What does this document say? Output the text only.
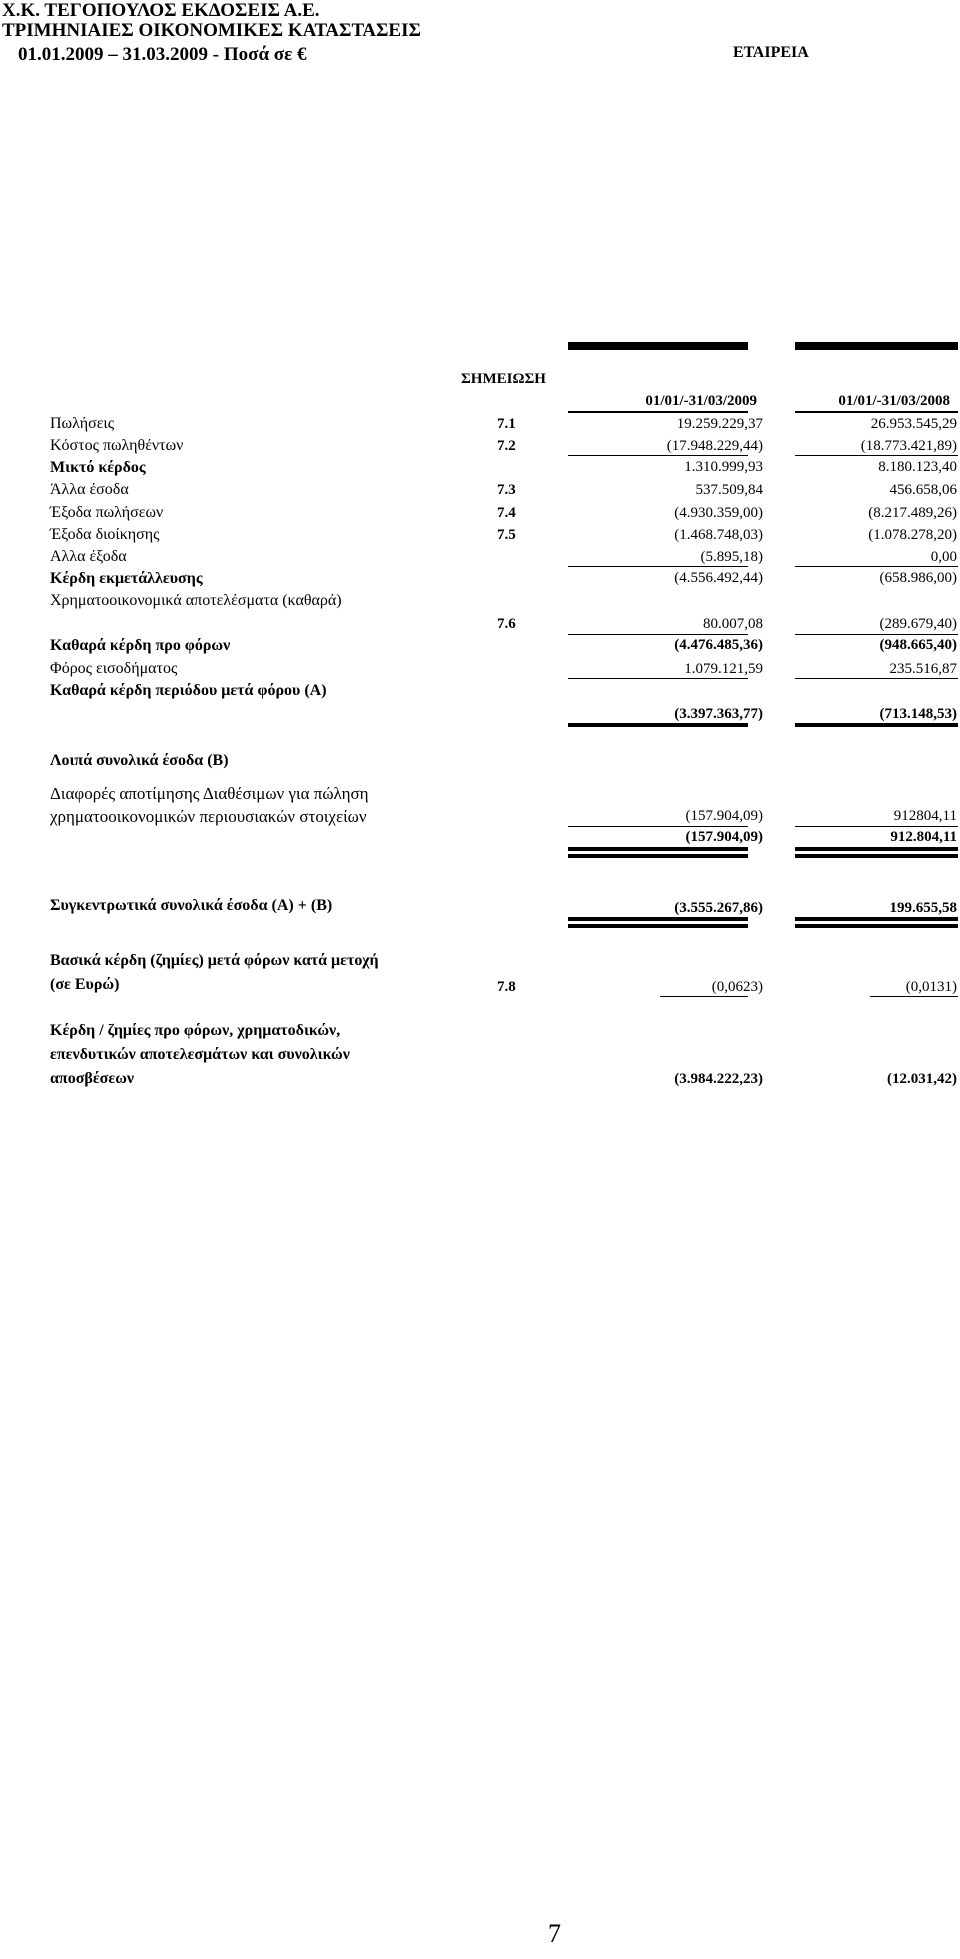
Χ.Κ. ΤΕΓΟΠΟΥΛΟΣ ΕΚΔΟΣΕΙΣ Α.Ε.
ΤΡΙΜΗΝΙΑΙΕΣ ΟΙΚΟΝΟΜΙΚΕΣ ΚΑΤΑΣΤΑΣΕΙΣ
01.01.2009 – 31.03.2009 - Ποσά σε €	ΕΤΑΙΡΕΙΑ
ΣΗΜΕΙΩΣΗ
01/01/-31/03/2009	01/01/-31/03/2008
Πωλήσεις	7.1	19.259.229,37	26.953.545,29
Κόστος πωληθέντων	7.2	(17.948.229,44)	(18.773.421,89)
Μικτό κέρδος	1.310.999,93	8.180.123,40
Άλλα έσοδα	7.3	537.509,84	456.658,06
Έξοδα πωλήσεων	7.4	(4.930.359,00)	(8.217.489,26)
Έξοδα διοίκησης	7.5	(1.468.748,03)	(1.078.278,20)
Αλλα έξοδα	(5.895,18)	0,00
Κέρδη εκμετάλλευσης	(4.556.492,44)	(658.986,00)
Χρηματοοικονομικά αποτελέσματα (καθαρά)
7.6	80.007,08	(289.679,40)
Καθαρά κέρδη προ φόρων	(4.476.485,36)	(948.665,40)
Φόρος εισοδήματος	1.079.121,59	235.516,87
Καθαρά κέρδη περιόδου μετά φόρου (Α)
(3.397.363,77)	(713.148,53)
Λοιπά συνολικά έσοδα (Β)
Διαφορές αποτίμησης Διαθέσιμων για πώληση
χρηματοοικονομικών περιουσιακών στοιχείων	(157.904,09)	912804,11
(157.904,09)	912.804,11
Συγκεντρωτικά συνολικά έσοδα (Α) + (Β)	(3.555.267,86)	199.655,58
Βασικά κέρδη (ζημίες) μετά φόρων κατά μετοχή
(σε Ευρώ)	7.8	(0,0623)	(0,0131)
Κέρδη / ζημίες προ φόρων, χρηματοδικών,
επενδυτικών αποτελεσμάτων και συνολικών
αποσβέσεων	(3.984.222,23)	(12.031,42)
7
